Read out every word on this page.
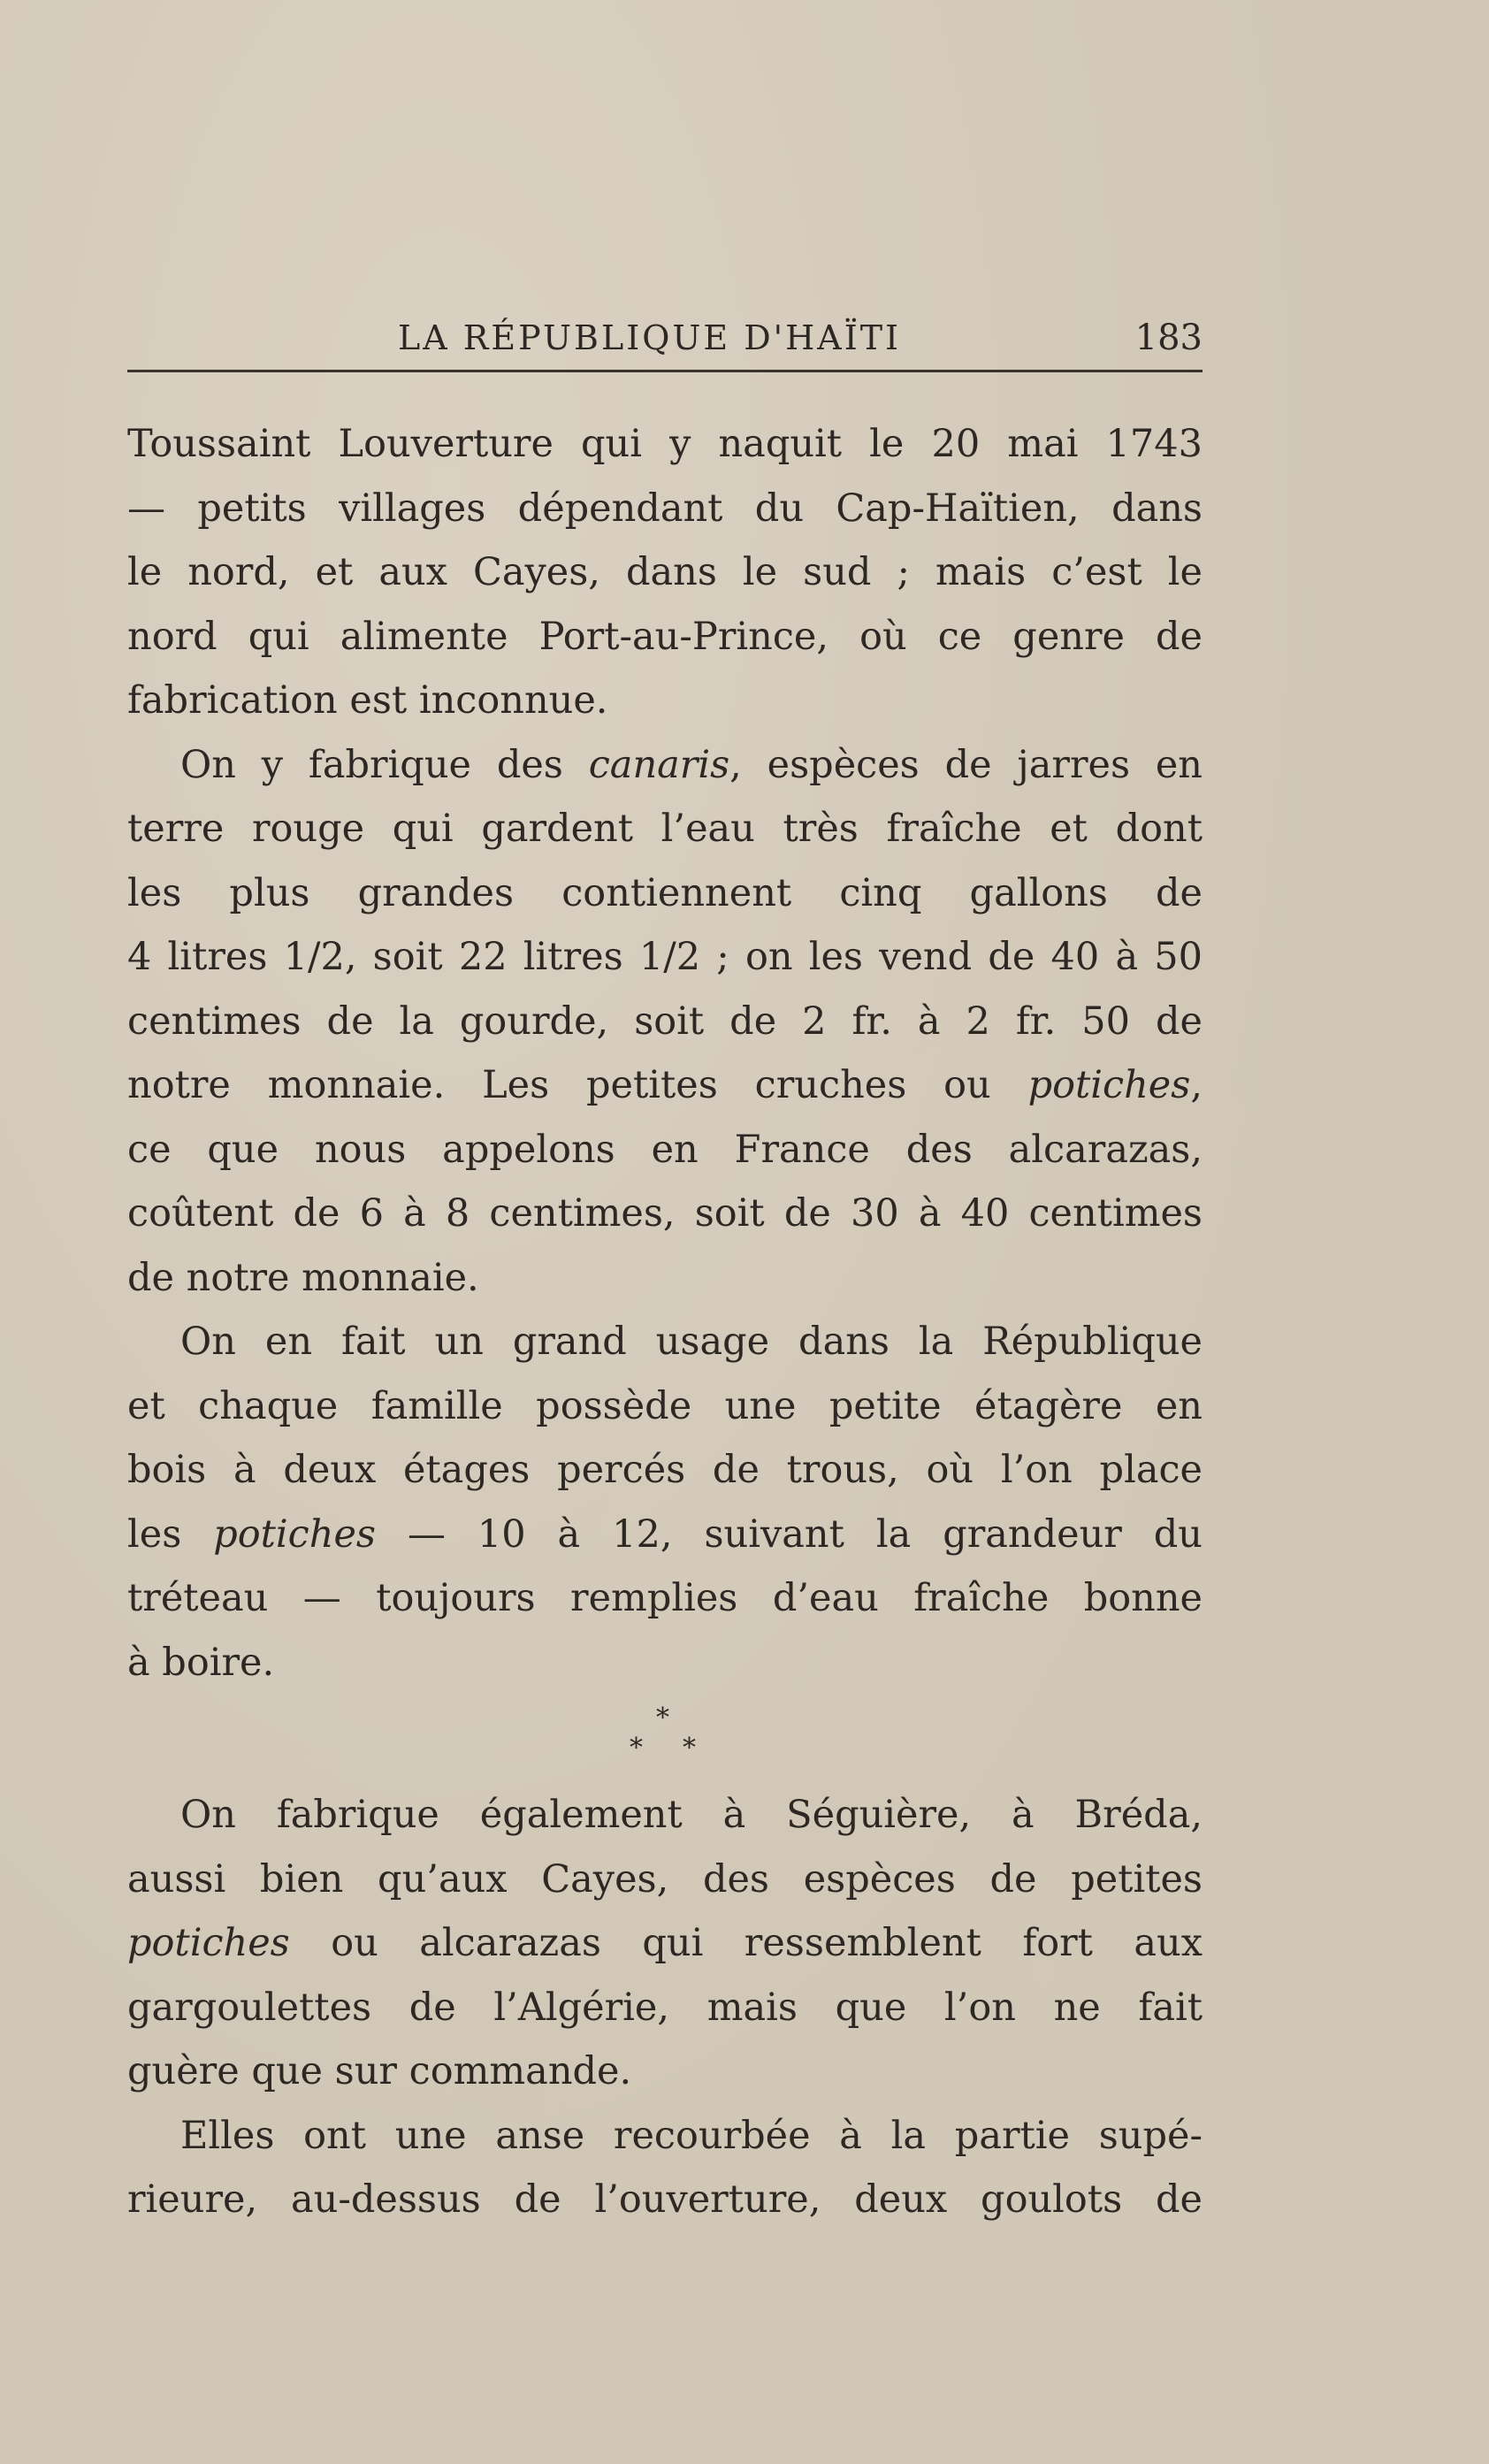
LA RÉPUBLIQUE D'HAÏTI	183
Toussaint Louverture qui y naquit le 20 mai 1743
— petits villages dépendant du Cap-Haïtien, dans
le nord, et aux Cayes, dans le sud ; mais c’est le
nord qui alimente Port-au-Prince, où ce genre de
fabrication est inconnue.
On y fabrique des canaris, espèces de jarres en
terre rouge qui gardent l’eau très fraîche et dont
les plus grandes contiennent cinq gallons de
4 litres 1/2, soit 22 litres 1/2 ; on les vend de 40 à 50
centimes de la gourde, soit de 2 fr. à 2 fr. 50 de
notre monnaie. Les petites cruches ou potiches,
ce que nous appelons en France des alcarazas,
coûtent de 6 à 8 centimes, soit de 30 à 40 centimes
de notre monnaie.
On en fait un grand usage dans la République
et chaque famille possède une petite étagère en
bois à deux étages percés de trous, où l’on place
les potiches — 10 à 12, suivant la grandeur du
tréteau — toujours remplies d’eau fraîche bonne
à boire.
*
* *
On fabrique également à Séguière, à Bréda,
aussi bien qu’aux Cayes, des espèces de petites
potiches ou alcarazas qui ressemblent fort aux
gargoulettes de l’Algérie, mais que l’on ne fait
guère que sur commande.
Elles ont une anse recourbée à la partie supé-
rieure, au-dessus de l’ouverture, deux goulots de
